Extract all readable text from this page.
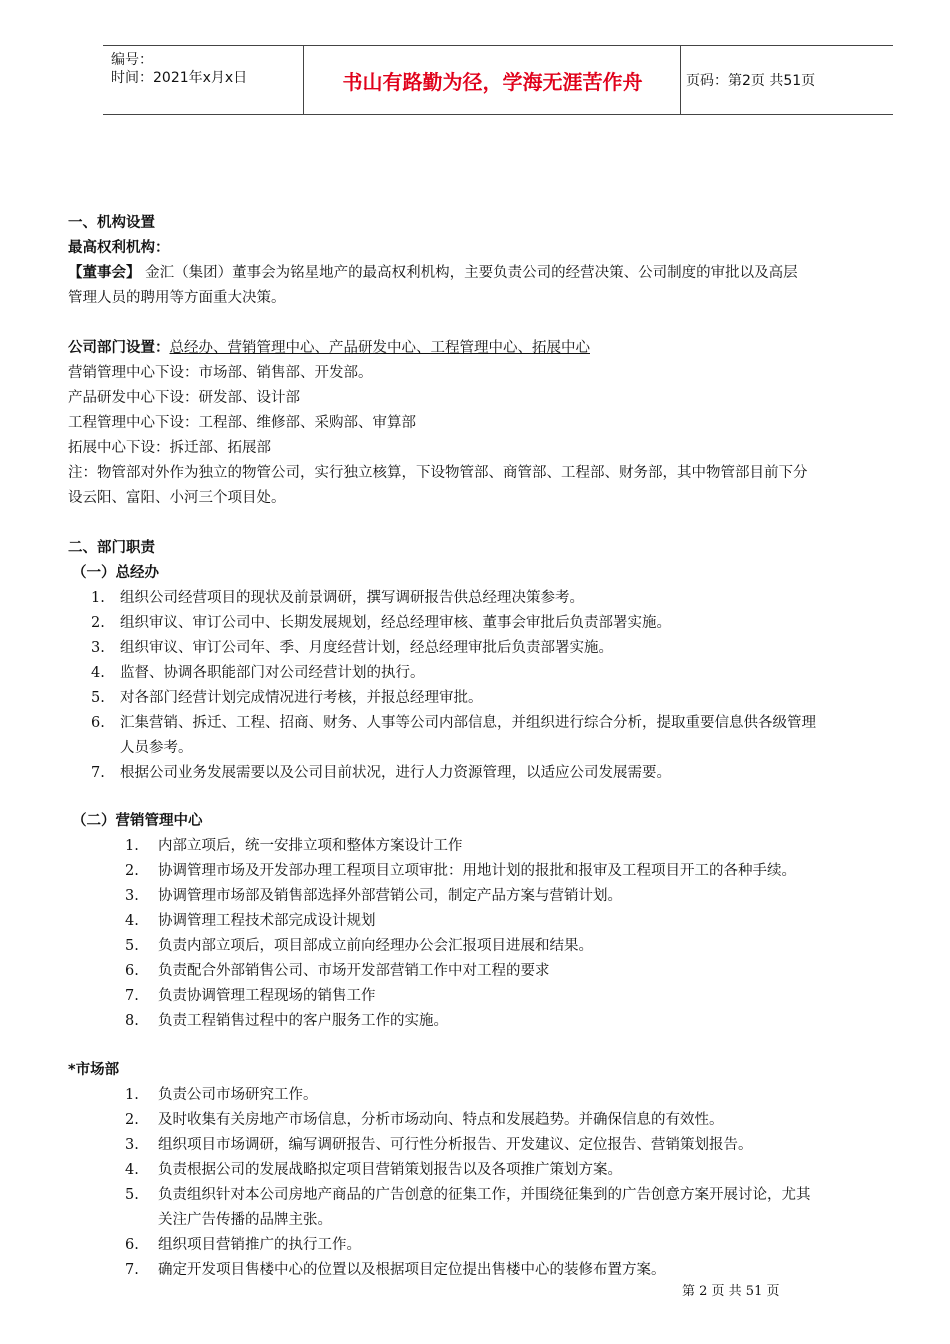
编号：
时间：2021年x月x日	书山有路勤为径，学海无涯苦作舟	页码：第2页 共51页
一、机构设置
最高权利机构：
【董事会】 金汇（集团）董事会为铭星地产的最高权利机构，主要负责公司的经营决策、公司制度的审批以及高层
管理人员的聘用等方面重大决策。
公司部门设置：总经办、营销管理中心、产品研发中心、工程管理中心、拓展中心
营销管理中心下设：市场部、销售部、开发部。
产品研发中心下设：研发部、设计部
工程管理中心下设：工程部、维修部、采购部、审算部
拓展中心下设：拆迁部、拓展部
注：物管部对外作为独立的物管公司，实行独立核算，下设物管部、商管部、工程部、财务部，其中物管部目前下分
设云阳、富阳、小河三个项目处。
二、部门职责
（一）总经办
1.	组织公司经营项目的现状及前景调研，撰写调研报告供总经理决策参考。
2.	组织审议、审订公司中、长期发展规划，经总经理审核、董事会审批后负责部署实施。
3.	组织审议、审订公司年、季、月度经营计划，经总经理审批后负责部署实施。
4.	监督、协调各职能部门对公司经营计划的执行。
5.	对各部门经营计划完成情况进行考核，并报总经理审批。
6.	汇集营销、拆迁、工程、招商、财务、人事等公司内部信息，并组织进行综合分析，提取重要信息供各级管理
人员参考。
7.	根据公司业务发展需要以及公司目前状况，进行人力资源管理，以适应公司发展需要。
（二）营销管理中心
1.	内部立项后，统一安排立项和整体方案设计工作
2.	协调管理市场及开发部办理工程项目立项审批：用地计划的报批和报审及工程项目开工的各种手续。
3.	协调管理市场部及销售部选择外部营销公司，制定产品方案与营销计划。
4.	协调管理工程技术部完成设计规划
5.	负责内部立项后，项目部成立前向经理办公会汇报项目进展和结果。
6.	负责配合外部销售公司、市场开发部营销工作中对工程的要求
7.	负责协调管理工程现场的销售工作
8.	负责工程销售过程中的客户服务工作的实施。
*市场部
1.	负责公司市场研究工作。
2.	及时收集有关房地产市场信息，分析市场动向、特点和发展趋势。并确保信息的有效性。
3.	组织项目市场调研，编写调研报告、可行性分析报告、开发建议、定位报告、营销策划报告。
4.	负责根据公司的发展战略拟定项目营销策划报告以及各项推广策划方案。
5.	负责组织针对本公司房地产商品的广告创意的征集工作，并围绕征集到的广告创意方案开展讨论，尤其
关注广告传播的品牌主张。
6.	组织项目营销推广的执行工作。
7.	确定开发项目售楼中心的位置以及根据项目定位提出售楼中心的装修布置方案。
第 2 页 共 51 页
